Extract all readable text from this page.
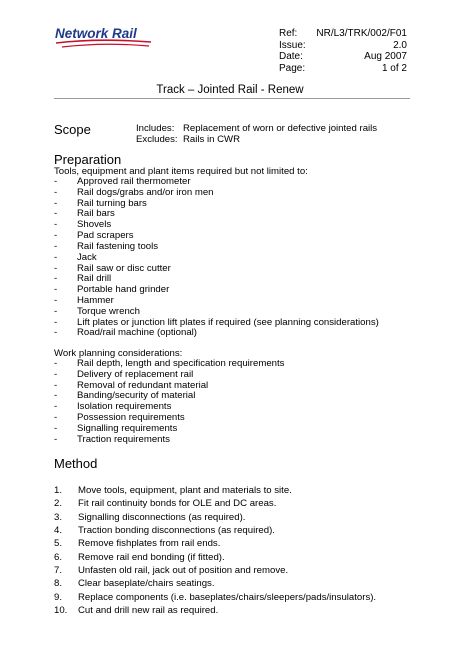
Network Rail	Ref: NR/L3/TRK/002/F01
Issue:	2.0
Date:	Aug 2007
Page:	1 of 2
Track – Jointed Rail - Renew
Scope	Includes: Replacement of worn or defective jointed rails
Excludes: Rails in CWR
Preparation
Tools, equipment and plant items required but not limited to:
-	Approved rail thermometer
-	Rail dogs/grabs and/or iron men
-	Rail turning bars
-	Rail bars
-	Shovels
-	Pad scrapers
-	Rail fastening tools
-	Jack
-	Rail saw or disc cutter
-	Rail drill
-	Portable hand grinder
-	Hammer
-	Torque wrench
-	Lift plates or junction lift plates if required (see planning considerations)
-	Road/rail machine (optional)
Work planning considerations:
-	Rail depth, length and specification requirements
-	Delivery of replacement rail
-	Removal of redundant material
-	Banding/security of material
-	Isolation requirements
-	Possession requirements
-	Signalling requirements
-	Traction requirements
Method
1.	Move tools, equipment, plant and materials to site.
2.	Fit rail continuity bonds for OLE and DC areas.
3.	Signalling disconnections (as required).
4.	Traction bonding disconnections (as required).
5.	Remove fishplates from rail ends.
6.	Remove rail end bonding (if fitted).
7.	Unfasten old rail, jack out of position and remove.
8.	Clear baseplate/chairs seatings.
9.	Replace components (i.e. baseplates/chairs/sleepers/pads/insulators).
10.	Cut and drill new rail as required.
